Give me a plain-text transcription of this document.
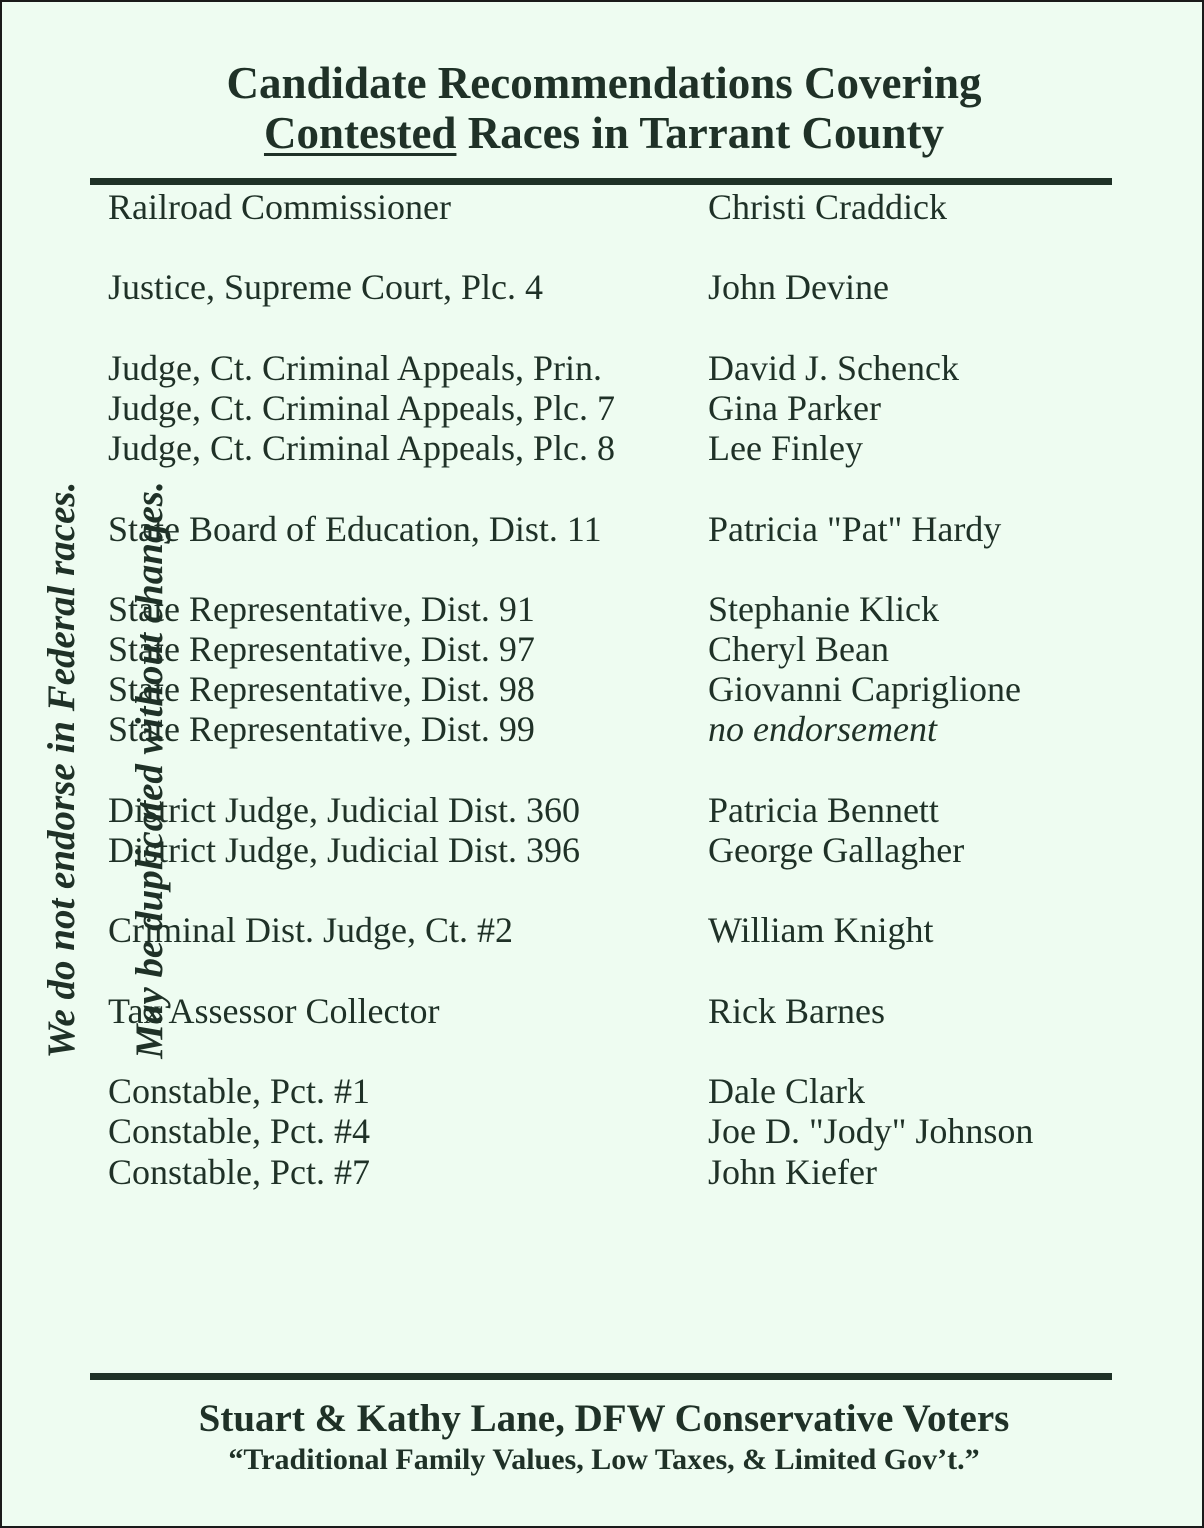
Candidate Recommendations Covering
Contested Races in Tarrant County
We do not endorse in Federal races. May be duplicated without changes.
Railroad Commissioner	Christi Craddick
Justice, Supreme Court, Plc. 4	John Devine
Judge, Ct. Criminal Appeals, Prin.	David J. Schenck
Judge, Ct. Criminal Appeals, Plc. 7	Gina Parker
Judge, Ct. Criminal Appeals, Plc. 8	Lee Finley
State Board of Education, Dist. 11	Patricia "Pat" Hardy
State Representative, Dist. 91	Stephanie Klick
State Representative, Dist. 97	Cheryl Bean
State Representative, Dist. 98	Giovanni Capriglione
State Representative, Dist. 99	no endorsement
District Judge, Judicial Dist. 360	Patricia Bennett
District Judge, Judicial Dist. 396	George Gallagher
Criminal Dist. Judge, Ct. #2	William Knight
Tax Assessor Collector	Rick Barnes
Constable, Pct. #1	Dale Clark
Constable, Pct. #4	Joe D. "Jody" Johnson
Constable, Pct. #7	John Kiefer
Stuart & Kathy Lane, DFW Conservative Voters
“Traditional Family Values, Low Taxes, & Limited Gov’t.”
